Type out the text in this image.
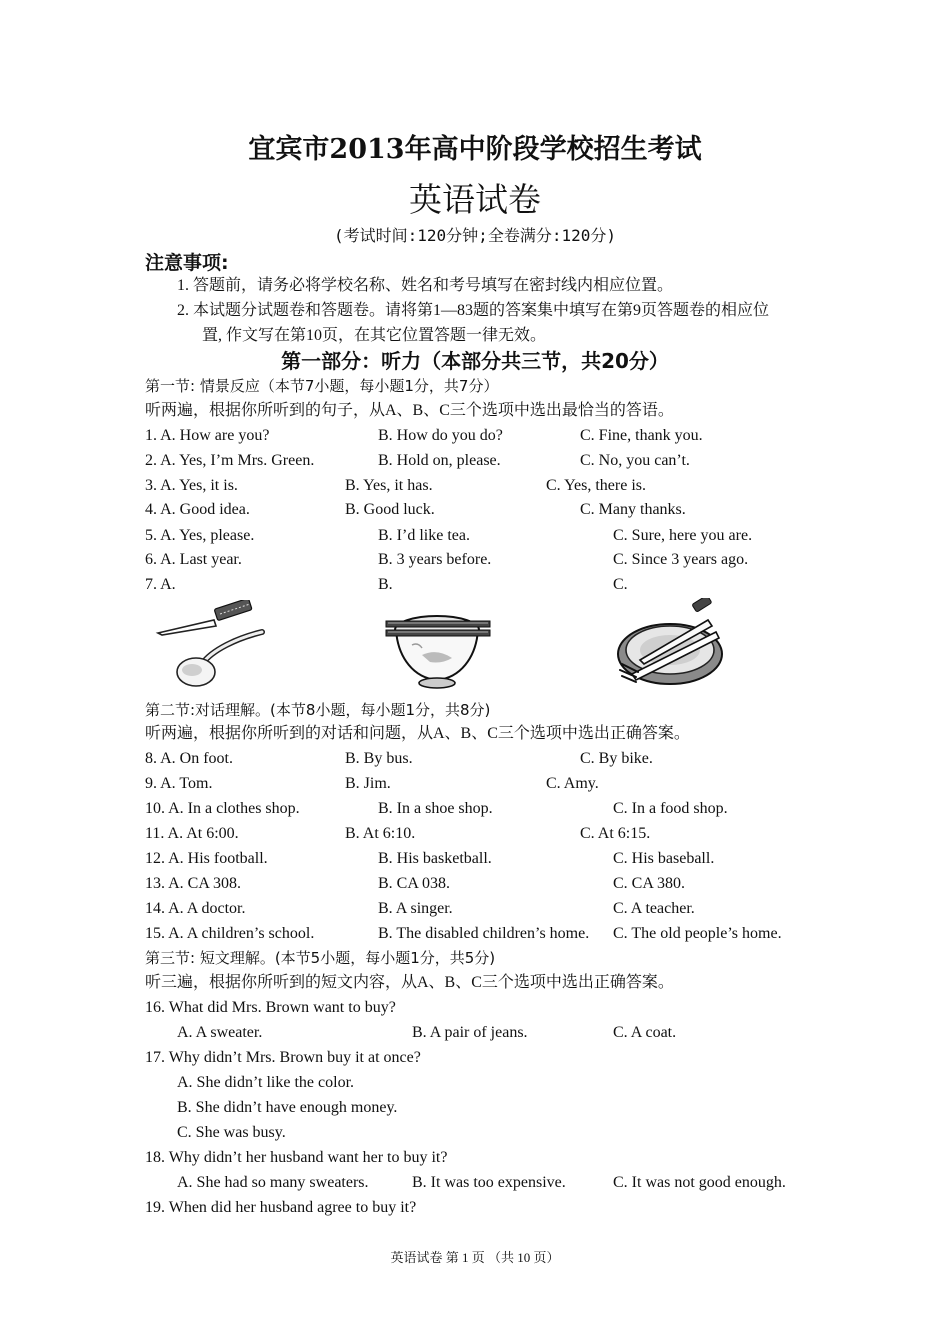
宜宾市2013年高中阶段学校招生考试
英语试卷
(考试时间:120分钟;全卷满分:120分)
注意事项:
1. 答题前，请务必将学校名称、姓名和考号填写在密封线内相应位置。
2. 本试题分试题卷和答题卷。请将第1—83题的答案集中填写在第9页答题卷的相应位
置, 作文写在第10页，在其它位置答题一律无效。
第一部分：听力（本部分共三节，共20分）
第一节: 情景反应（本节7小题，每小题1分，共7分）
听两遍，根据你所听到的句子，从A、B、C三个选项中选出最恰当的答语。
1. A. How are you?	B. How do you do?	C. Fine, thank you.
2. A. Yes, I’m Mrs. Green.	B. Hold on, please.	C. No, you can’t.
3. A. Yes, it is.	B. Yes, it has.	C. Yes, there is.
4. A. Good idea.	B. Good luck.	C. Many thanks.
5. A. Yes, please.	B. I’d like tea.	C. Sure, here you are.
6. A. Last year.	B. 3 years before.	C. Since 3 years ago.
7. A.	B.	C.
第二节:对话理解。(本节8小题，每小题1分，共8分)
听两遍，根据你所听到的对话和问题，从A、B、C三个选项中选出正确答案。
8. A. On foot.	B. By bus.	C. By bike.
9. A. Tom.	B. Jim.	C. Amy.
10. A. In a clothes shop.	B. In a shoe shop.	C. In a food shop.
11. A. At 6:00.	B. At 6:10.	C. At 6:15.
12. A. His football.	B. His basketball.	C. His baseball.
13. A. CA 308.	B. CA 038.	C. CA 380.
14. A. A doctor.	B. A singer.	C. A teacher.
15. A. A children’s school.	B. The disabled children’s home. C. The old people’s home.
第三节: 短文理解。(本节5小题，每小题1分，共5分)
听三遍，根据你所听到的短文内容，从A、B、C三个选项中选出正确答案。
16. What did Mrs. Brown want to buy?
A. A sweater.	B. A pair of jeans.	C. A coat.
17. Why didn’t Mrs. Brown buy it at once?
A. She didn’t like the color.
B. She didn’t have enough money.
C. She was busy.
18. Why didn’t her husband want her to buy it?
A. She had so many sweaters.	B. It was too expensive.	C. It was not good enough.
19. When did her husband agree to buy it?
英语试卷 第 1 页 （共 10 页）
